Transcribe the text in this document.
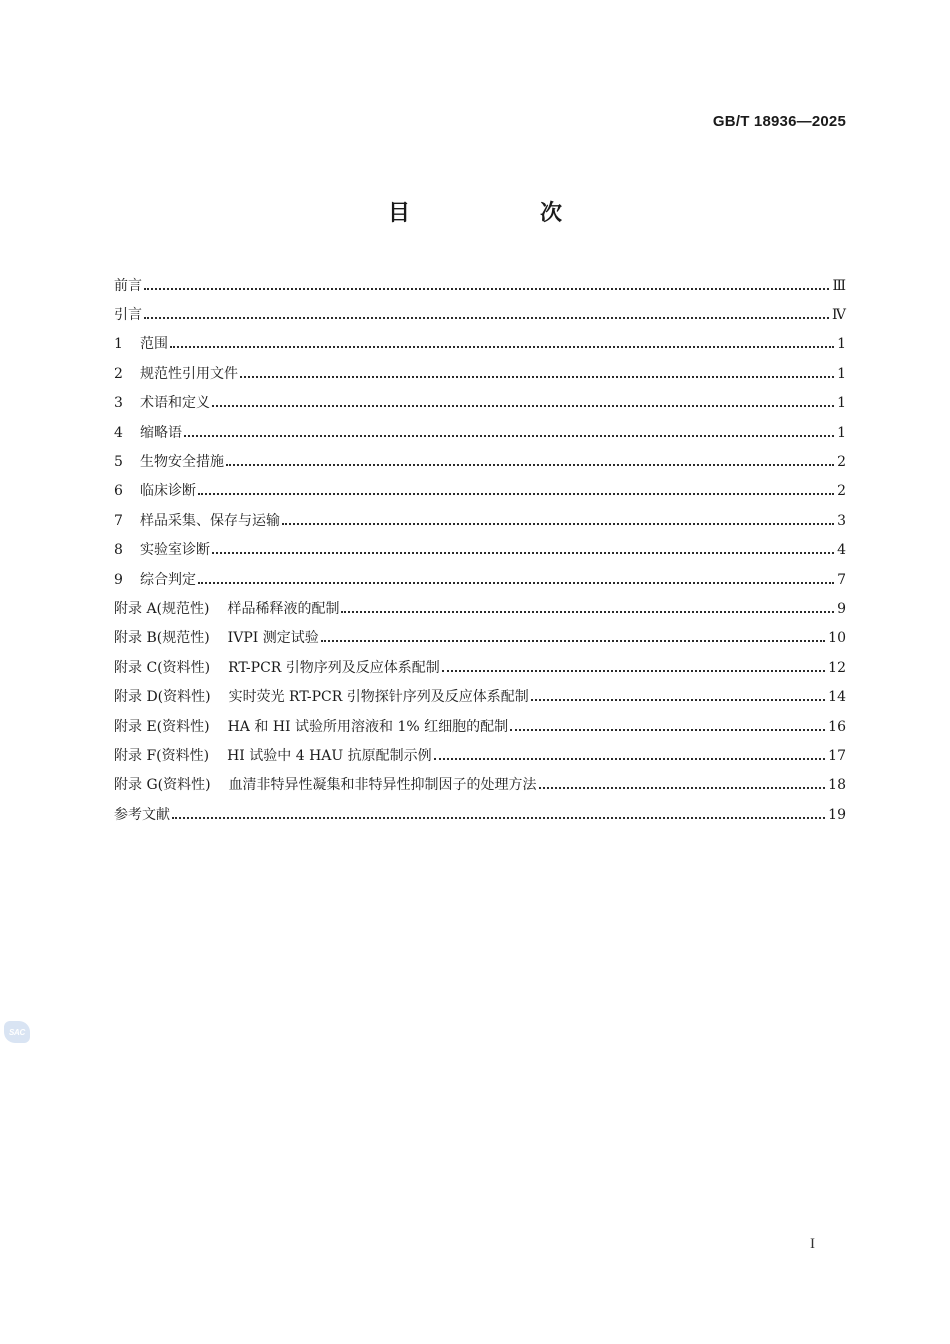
GB/T 18936—2025
目　次
前言	Ⅲ
引言	Ⅳ
1	范围	1
2	规范性引用文件	1
3	术语和定义	1
4	缩略语	1
5	生物安全措施	2
6	临床诊断	2
7	样品采集、保存与运输	3
8	实验室诊断	4
9	综合判定	7
附录 A(规范性) 样品稀释液的配制	9
附录 B(规范性) IVPI 测定试验	10
附录 C(资料性) RT-PCR 引物序列及反应体系配制	12
附录 D(资料性) 实时荧光 RT-PCR 引物探针序列及反应体系配制	14
附录 E(资料性) HA 和 HI 试验所用溶液和 1% 红细胞的配制	16
附录 F(资料性) HI 试验中 4 HAU 抗原配制示例	17
附录 G(资料性) 血清非特异性凝集和非特异性抑制因子的处理方法	18
参考文献	19
SAC
I
